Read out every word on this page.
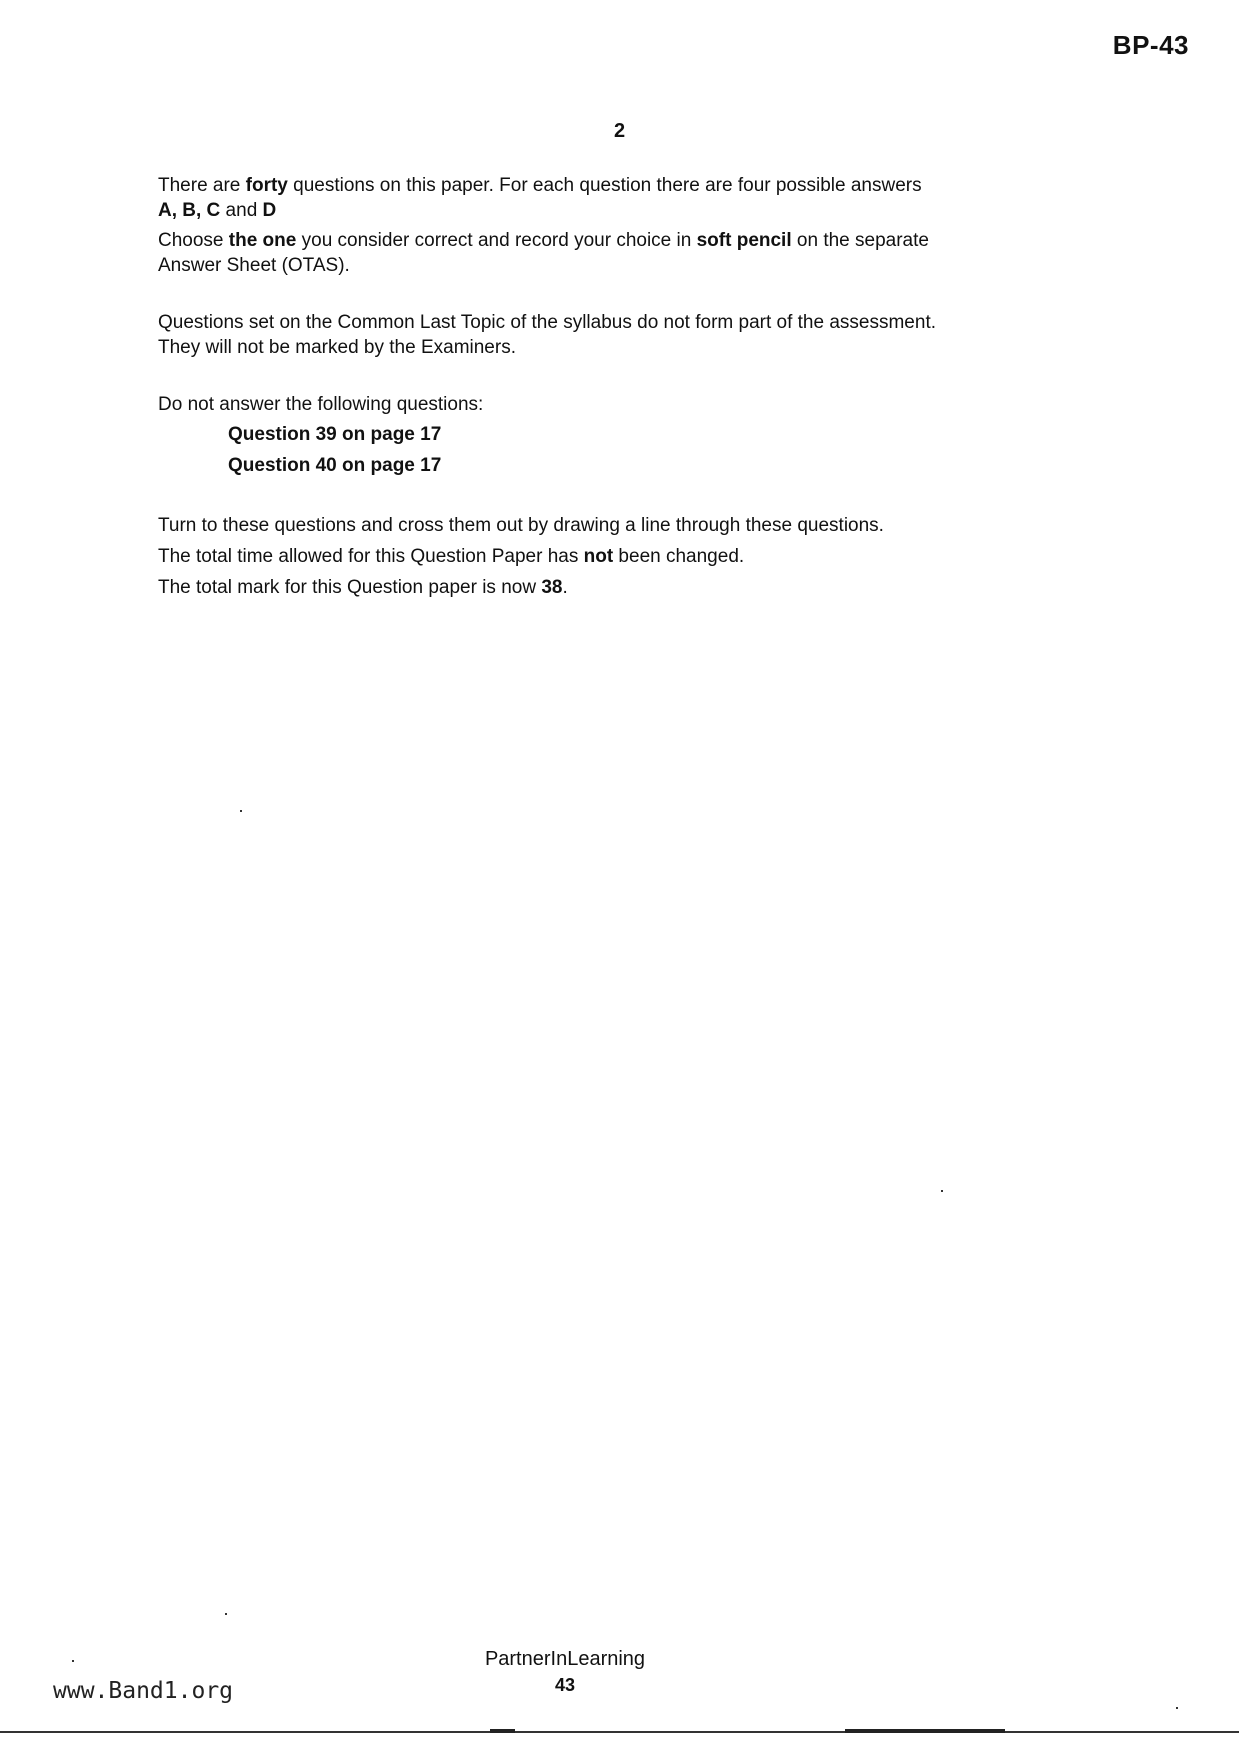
BP-43
2

There are forty questions on this paper. For each question there are four possible answers
A, B, C and D

Choose the one you consider correct and record your choice in soft pencil on the separate
Answer Sheet (OTAS).

Questions set on the Common Last Topic of the syllabus do not form part of the assessment.
They will not be marked by the Examiners.

Do not answer the following questions:

Question 39 on page 17
Question 40 on page 17

Turn to these questions and cross them out by drawing a line through these questions.

The total time allowed for this Question Paper has not been changed.

The total mark for this Question paper is now 38.

PartnerInLearning
43
www.Band1.org
